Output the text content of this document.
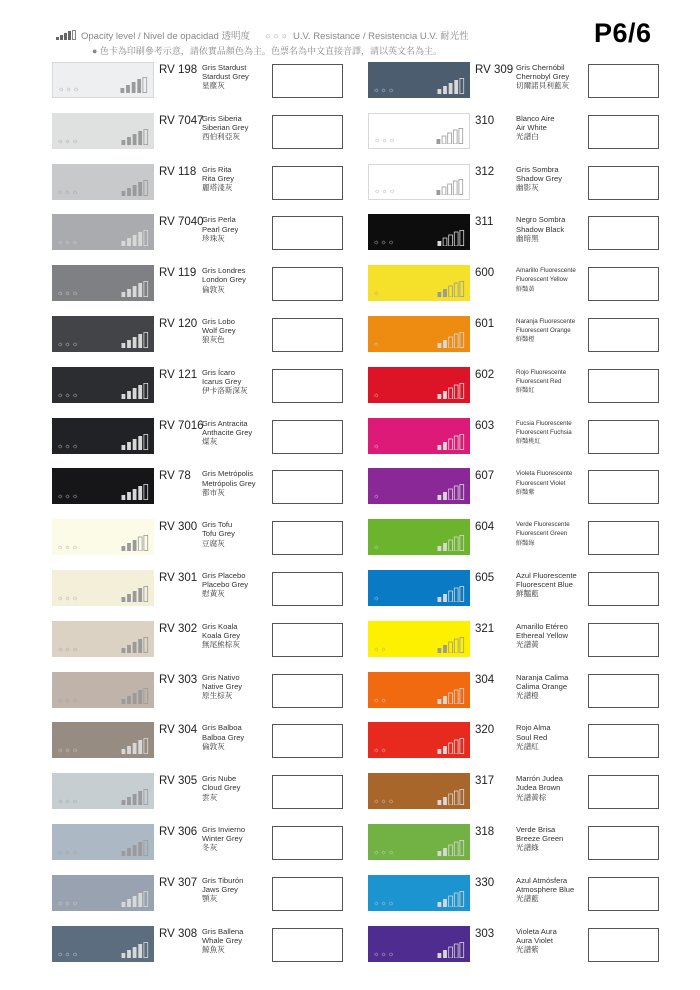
Opacity level / Nivel de opacidad 透明度 ☼☼☼ U.V. Resistance / Resistencia U.V. 耐光性
● 色卡為印刷參考示意，請依實品顏色為主。色票名為中文直接音譯，請以英文名為主。
P6/6
☼☼☼
RV 198 Gris Stardust
Stardust Grey
星塵灰
☼☼☼
RV 7047
Gris Siberia
Siberian Grey
西伯利亞灰
☼☼☼
RV 118 Gris Rita
Rita Grey
麗塔淺灰
☼☼☼
RV 7040
Gris Perla
Pearl Grey
珍珠灰
☼☼☼
RV 119 Gris Londres
London Grey
倫敦灰
☼☼☼
RV 120 Gris Lobo
Wolf Grey
狼灰色
☼☼☼
RV 121 Gris Ícaro
Icarus Grey
伊卡洛斯深灰
☼☼☼
RV 7016
Gris Antracita
Anthacite Grey
煤灰
☼☼☼
RV 78 Gris Metrópolis
Metrópolis Grey
都市灰
☼☼☼
RV 300 Gris Tofu
Tofu Grey
豆腐灰
☼☼☼
RV 301 Gris Placebo
Placebo Grey
慰黃灰
☼☼☼
RV 302 Gris Koala
Koala Grey
無尾熊棕灰
☼☼☼
RV 303 Gris Nativo
Native Grey
原生棕灰
☼☼☼
RV 304 Gris Balboa
Balboa Grey
倫敦灰
☼☼☼
RV 305 Gris Nube
Cloud Grey
雲灰
☼☼☼
RV 306 Gris Invierno
Winter Grey
冬灰
☼☼☼
RV 307 Gris Tiburón
Jaws Grey
顎灰
☼☼☼
RV 308 Gris Ballena
Whale Grey
鯨魚灰
☼☼☼
RV 309 Gris Chernóbil
Chernobyl Grey
切爾諾貝利藍灰
☼☼☼
310	Blanco Aire
Air White
光譜白
☼☼☼
312	Gris Sombra
Shadow Grey
幽影灰
☼☼☼
311	Negro Sombra
Shadow Black
幽暗黑
☼
600	Amarillo Fluorescente
Fluorescent Yellow
鮮豔黃
☼
601	Naranja Fluorescente
Fluorescent Orange
鮮豔橙
☼
602	Rojo Fluorescente
Fluorescent Red
鮮豔紅
☼
603	Fucsia Fluorescente
Fluorescent Fuchsia
鮮豔桃紅
☼
607	Violeta Fluorescente
Fluorescent Violet
鮮豔紫
☼
604	Verde Fluorescente
Fluorescent Green
鮮豔綠
☼
605	Azul Fluorescente
Fluorescent Blue
鮮豔藍
☼☼
321	Amarillo Etéreo
Ethereal Yellow
光譜黃
☼☼
304	Naranja Calima
Calima Orange
光譜橙
☼☼
320	Rojo Alma
Soul Red
光譜紅
☼☼☼
317	Marrón Judea
Judea Brown
光譜黃棕
☼☼☼
318	Verde Brisa
Breeze Green
光譜綠
☼☼☼
330	Azul Atmósfera
Atmosphere Blue
光譜藍
☼☼☼
303	Violeta Aura
Aura Violet
光譜紫
